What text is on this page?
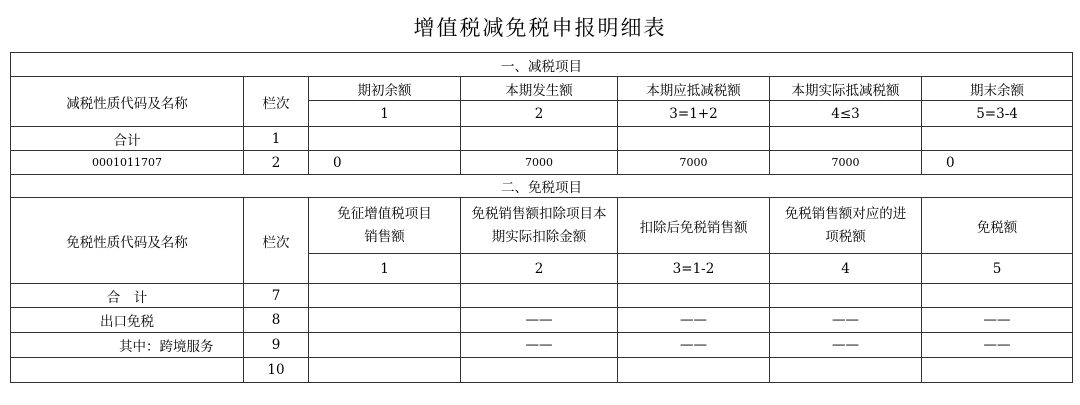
增值税减免税申报明细表
一、减税项目						
减税性质代码及名称	栏次	期初余额	本期发生额	本期应抵减税额	本期实际抵减税额	期末余额
		1	2	3=1+2	4≤3	5=3-4
合计	1					
0001011707	2	0	7000	7000	7000	0
二、免税项目						
免税性质代码及名称	栏次	免征增值税项目销售额	免税销售额扣除项目本期实际扣除金额	扣除后免税销售额	免税销售额对应的进项税额	免税额
		1	2	3=1-2	4	5
合　计	7					
出口免税	8		——	——	——	——
其中：跨境服务	9		——	——	——	——
	10					
